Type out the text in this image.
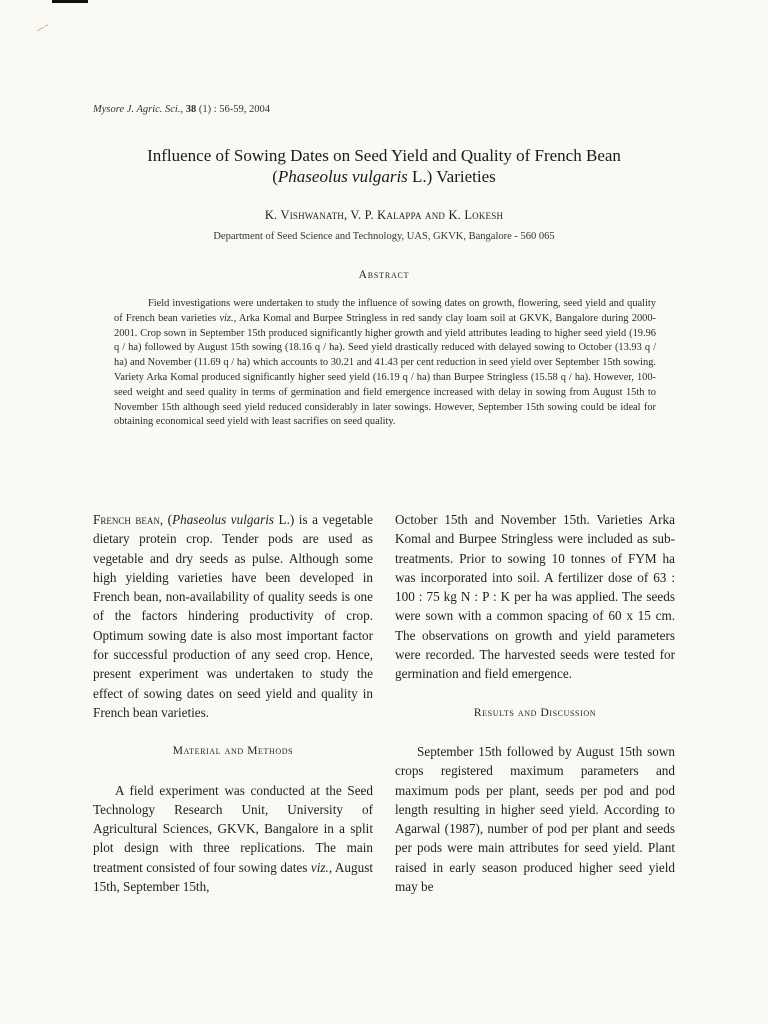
Mysore J. Agric. Sci., 38 (1) : 56-59, 2004
Influence of Sowing Dates on Seed Yield and Quality of French Bean
(Phaseolus vulgaris L.) Varieties
K. Vishwanath, V. P. Kalappa and K. Lokesh
Department of Seed Science and Technology, UAS, GKVK, Bangalore - 560 065
Abstract
Field investigations were undertaken to study the influence of sowing dates on growth, flowering, seed yield and quality of French bean varieties viz., Arka Komal and Burpee Stringless in red sandy clay loam soil at GKVK, Bangalore during 2000-2001. Crop sown in September 15th produced significantly higher growth and yield attributes leading to higher seed yield (19.96 q / ha) followed by August 15th sowing (18.16 q / ha). Seed yield drastically reduced with delayed sowing to October (13.93 q / ha) and November (11.69 q / ha) which accounts to 30.21 and 41.43 per cent reduction in seed yield over September 15th sowing. Variety Arka Komal produced significantly higher seed yield (16.19 q / ha) than Burpee Stringless (15.58 q / ha). However, 100-seed weight and seed quality in terms of germination and field emergence increased with delay in sowing from August 15th to November 15th although seed yield reduced considerably in later sowings. However, September 15th sowing could be ideal for obtaining economical seed yield with least sacrifies on seed quality.

French bean, (Phaseolus vulgaris L.) is a vegetable dietary protein crop. Tender pods are used as vegetable and dry seeds as pulse. Although some high yielding varieties have been developed in French bean, non-availability of quality seeds is one of the factors hindering productivity of crop. Optimum sowing date is also most important factor for successful production of any seed crop. Hence, present experiment was undertaken to study the effect of sowing dates on seed yield and quality in French bean varieties.

Material and Methods

A field experiment was conducted at the Seed Technology Research Unit, University of Agricultural Sciences, GKVK, Bangalore in a split plot design with three replications. The main treatment consisted of four sowing dates viz., August 15th, September 15th,

October 15th and November 15th. Varieties Arka Komal and Burpee Stringless were included as sub-treatments. Prior to sowing 10 tonnes of FYM ha was incorporated into soil. A fertilizer dose of 63 : 100 : 75 kg N : P : K per ha was applied. The seeds were sown with a common spacing of 60 x 15 cm. The observations on growth and yield parameters were recorded. The harvested seeds were tested for germination and field emergence.

Results and Discussion

September 15th followed by August 15th sown crops registered maximum parameters and maximum pods per plant, seeds per pod and pod length resulting in higher seed yield. According to Agarwal (1987), number of pod per plant and seeds per pods were main attributes for seed yield. Plant raised in early season produced higher seed yield may be
